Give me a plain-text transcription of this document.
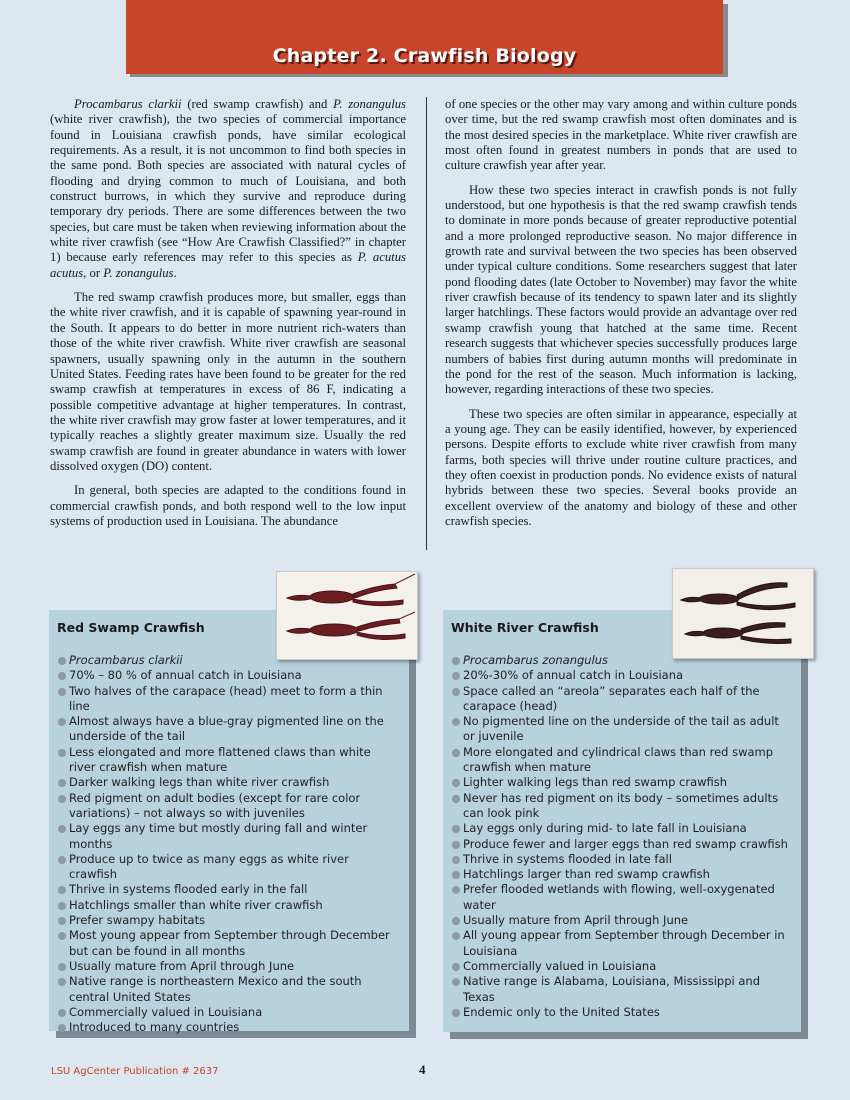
Chapter 2. Crawfish Biology

Procambarus clarkii (red swamp crawfish) and P. zonangulus (white river crawfish), the two species of commercial importance found in Louisiana crawfish ponds, have similar ecological requirements. As a result, it is not uncommon to find both species in the same pond. Both species are associated with natural cycles of flooding and drying common to much of Louisiana, and both construct burrows, in which they survive and reproduce during temporary dry periods. There are some differences between the two species, but care must be taken when reviewing information about the white river crawfish (see “How Are Crawfish Classified?” in chapter 1) because early references may refer to this species as P. acutus acutus, or P. zonangulus.

The red swamp crawfish produces more, but smaller, eggs than the white river crawfish, and it is capable of spawning year-round in the South. It appears to do better in more nutrient rich-waters than those of the white river crawfish. White river crawfish are seasonal spawners, usually spawning only in the autumn in the southern United States. Feeding rates have been found to be greater for the red swamp crawfish at temperatures in excess of 86 F, indicating a possible competitive advantage at higher temperatures. In contrast, the white river crawfish may grow faster at lower temperatures, and it typically reaches a slightly greater maximum size. Usually the red swamp crawfish are found in greater abundance in waters with lower dissolved oxygen (DO) content.

In general, both species are adapted to the conditions found in commercial crawfish ponds, and both respond well to the low input systems of production used in Louisiana. The abundance

of one species or the other may vary among and within culture ponds over time, but the red swamp crawfish most often dominates and is the most desired species in the marketplace. White river crawfish are most often found in greatest numbers in ponds that are used to culture crawfish year after year.

How these two species interact in crawfish ponds is not fully understood, but one hypothesis is that the red swamp crawfish tends to dominate in more ponds because of greater reproductive potential and a more prolonged reproductive season. No major difference in growth rate and survival between the two species has been observed under typical culture conditions. Some researchers suggest that later pond flooding dates (late October to November) may favor the white river crawfish because of its tendency to spawn later and its slightly larger hatchlings. These factors would provide an advantage over red swamp crawfish young that hatched at the same time. Recent research suggests that whichever species successfully produces large numbers of babies first during autumn months will predominate in the pond for the rest of the season. Much information is lacking, however, regarding interactions of these two species.

These two species are often similar in appearance, especially at a young age. They can be easily identified, however, by experienced persons. Despite efforts to exclude white river crawfish from many farms, both species will thrive under routine culture practices, and they often coexist in production ponds. No evidence exists of natural hybrids between these two species. Several books provide an excellent overview of the anatomy and biology of these and other crawfish species.

Red Swamp Crawfish
Procambarus clarkii
70% – 80 % of annual catch in Louisiana
Two halves of the carapace (head) meet to form a thin line
Almost always have a blue-gray pigmented line on the underside of the tail
Less elongated and more flattened claws than white river crawfish when mature
Darker walking legs than white river crawfish
Red pigment on adult bodies (except for rare color variations) – not always so with juveniles
Lay eggs any time but mostly during fall and winter months
Produce up to twice as many eggs as white river crawfish
Thrive in systems flooded early in the fall
Hatchlings smaller than white river crawfish
Prefer swampy habitats
Most young appear from September through December but can be found in all months
Usually mature from April through June
Native range is northeastern Mexico and the south central United States
Commercially valued in Louisiana
Introduced to many countries
White River Crawfish
Procambarus zonangulus
20%-30% of annual catch in Louisiana
Space called an “areola” separates each half of the carapace (head)
No pigmented line on the underside of the tail as adult or juvenile
More elongated and cylindrical claws than red swamp crawfish when mature
Lighter walking legs than red swamp crawfish
Never has red pigment on its body – sometimes adults can look pink
Lay eggs only during mid- to late fall in Louisiana
Produce fewer and larger eggs than red swamp crawfish
Thrive in systems flooded in late fall
Hatchlings larger than red swamp crawfish
Prefer flooded wetlands with flowing, well-oxygenated water
Usually mature from April through June
All young appear from September through December in Louisiana
Commercially valued in Louisiana
Native range is Alabama, Louisiana, Mississippi and Texas
Endemic only to the United States
LSU AgCenter Publication # 2637	4
